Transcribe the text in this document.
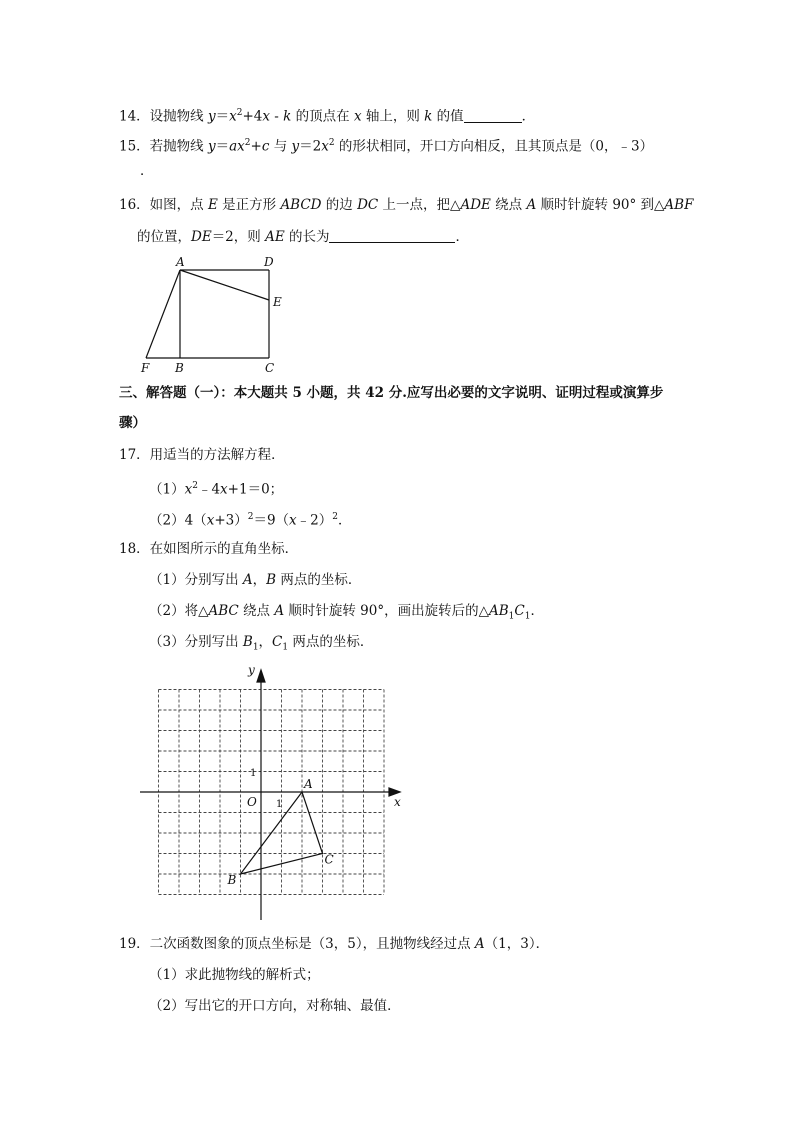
14．设抛物线 $y=x^2+4x - k$ 的顶点在 x 轴上，则 k 的值	．
15．若抛物线 $y=ax^2+c$ 与 $y=2x^2$ 的形状相同，开口方向相反，且其顶点是（0，﹣3）
．
16．如图，点 E 是正方形 ABCD 的边 DC 上一点，把△ADE 绕点 A 顺时针旋转 90° 到△ABF
的位置，DE＝2，则 AE 的长为	．
A	D
E
F B	C
三、解答题（一）：本大题共 5 小题，共 42 分.应写出必要的文字说明、证明过程或演算步
骤）
17．用适当的方法解方程．
$(1)x^2﹣4x+1=0$；
$(2)4(x+3)^2=9(x﹣2)^2$．
18．在如图所示的直角坐标．
（1）分别写出 A，B 两点的坐标．
（2）将△ABC 绕点 A 顺时针旋转 90°，画出旋转后的$\triangle AB_1C_1$．
（3）分别写出 $B_1$，$C_1$ 两点的坐标．
y
x
O
1
1
A
B
C
19．二次函数图象的顶点坐标是（3，5），且抛物线经过点 A（1，3）．
（1）求此抛物线的解析式；
（2）写出它的开口方向，对称轴、最值．
